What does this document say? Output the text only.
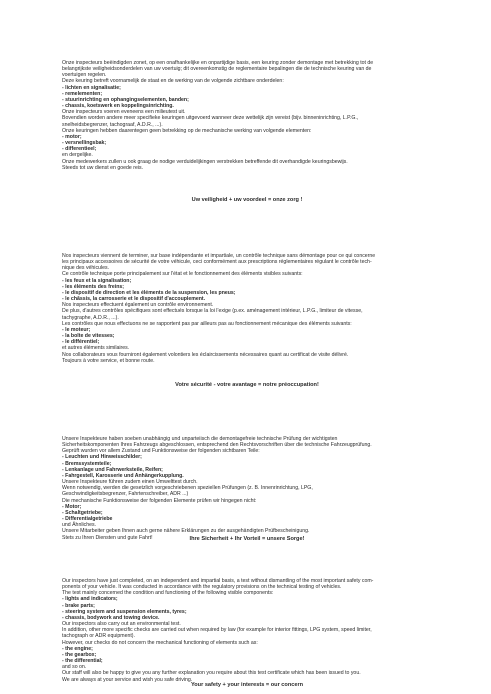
Onze inspecteurs beëindigden zonet, op een onafhankelijke en onpartijdige basis, een keuring zonder demontage met betrekking tot de

belangrijkste veiligheidsonderdelen van uw voertuig; dit overeenkomstig de reglementaire bepalingen die de technische keuring van de

voertuigen regelen.

Deze keuring betreft voornamelijk de staat en de werking van de volgende zichtbare onderdelen:

- lichten en signalisatie;

- remelementen;

- stuurinrichting en ophangingselementen, banden;

- chassis, koetswerk en koppelingsinrichting.

Onze inspecteurs voeren eveneens een milieutest uit.

Bovendien worden andere meer specifieke keuringen uitgevoerd wanneer deze wettelijk zijn vereist (bijv. binneninrichting, L.P.G.,

snelheidsbegrenzer, tachograaf, A.D.R., ...).

Onze keuringen hebben daarentegen geen betrekking op de mechanische werking van volgende elementen:

- motor;

- versnellingsbak;

- differentieel;

en dergelijke.

Onze medewerkers zullen u ook graag de nodige verduidelijkingen verstrekken betreffende dit overhandigde keuringsbewijs.

Steeds tot uw dienst en goede reis.

Uw veiligheid + uw voordeel = onze zorg !

Nos inspecteurs viennent de terminer, sur base indépendante et impartiale, un contrôle technique sans démontage pour ce qui concerne

les principaux accessoires de sécurité de votre véhicule, ceci conformément aux prescriptions réglementaires régulant le contrôle tech-

nique des véhicules.

Ce contrôle technique porte principalement sur l'état et le fonctionnement des éléments visibles suivants:

- les feux et la signalisation;

- les éléments des freins;

- le dispositif de direction et les éléments de la suspension, les pneus;

- le châssis, la carrosserie et le dispositif d'accouplement.

Nos inspecteurs effectuent également un contrôle environnement.

De plus, d'autres contrôles spécifiques sont effectués lorsque la loi l'exige (p.ex. aménagement intérieur, L.P.G., limiteur de vitesse,

tachygraphe, A.D.R., ...).

Les contrôles que nous effectuons ne se rapportent pas par ailleurs pas au fonctionnement mécanique des éléments suivants:

- le moteur;

- la boîte de vitesses;

- le différentiel;

et autres éléments similaires.

Nos collaborateurs vous fourniront également volontiers les éclaircissements nécessaires quant au certificat de visite délivré.

Toujours à votre service, et bonne route.

Votre sécurité - votre avantage = notre préoccupation!

Unsere Inspekteure haben soeben unabhängig und unparteiisch die demontagefreie technische Prüfung der wichtigsten

Sicherheitskomponenten Ihres Fahrzeugs abgeschlossen, entsprechend den Rechtsvorschriften über die technische Fahrzeugprüfung.

Geprüft wurden vor allem Zustand und Funktionsweise der folgenden sichtbaren Teile:

- Leuchten und Hinweisschilder;

- Bremssystemteile;

- Lenkanlage und Fahrwerksteile, Reifen;

- Fahrgestell, Karosserie und Anhängerkupplung.

Unsere Inspekteure führen zudem einen Umwelttest durch.

Wenn notwendig, werden die gesetzlich vorgeschriebenen speziellen Prüfungen (z. B. Innenrinrichtung, LPG,

Geschwindigkeitsbegrenzer, Fahrtenschreiber, ADR ...)

Die mechanische Funktionsweise der folgenden Elemente prüfen wir hingegen nicht:

- Motor;

- Schaltgetriebe;

- Differentialgetriebe

und Ähnliches.

Unsere Mitarbeiter geben Ihnen auch gerne nähere Erklärungen zu der ausgehändigten Prüfbescheinigung.

Stets zu Ihren Diensten und gute Fahrt!	Ihre Sicherheit + Ihr Vorteil = unsere Sorge!

Our inspectors have just completed, on an independent and impartial basis, a test without dismantling of the most important safety com-

ponents of your vehicle. It was conducted in accordance with the regulatory provisions on the technical testing of vehicles.

The test mainly concerned the condition and functioning of the following visible components:

- lights and indicators;

- brake parts;

- steering system and suspension elements, tyres;

- chassis, bodywork and towing device.

Our inspectors also carry out an environmental test.

In addition, other more specific checks are carried out when required by law (for example for interior fittings, LPG system, speed limiter,

tachograph or ADR equipment).

However, our checks do not concern the mechanical functioning of elements such as:

- the engine;

- the gearbox;

- the differential;

and so on.

Our staff will also be happy to give you any further explanation you require about this test certificate which has been issued to you.

We are always at your service and wish you safe driving.

Your safety + your interests = our concern
